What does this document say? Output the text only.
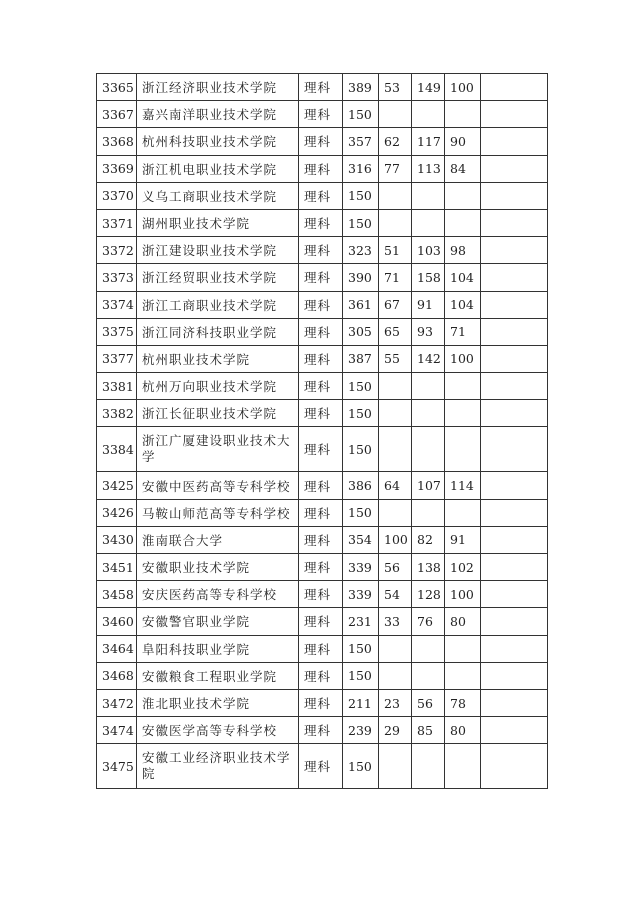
3365	浙江经济职业技术学院	理科	389	53	149	100	
3367	嘉兴南洋职业技术学院	理科	150				
3368	杭州科技职业技术学院	理科	357	62	117	90	
3369	浙江机电职业技术学院	理科	316	77	113	84	
3370	义乌工商职业技术学院	理科	150				
3371	湖州职业技术学院	理科	150				
3372	浙江建设职业技术学院	理科	323	51	103	98	
3373	浙江经贸职业技术学院	理科	390	71	158	104	
3374	浙江工商职业技术学院	理科	361	67	91	104	
3375	浙江同济科技职业学院	理科	305	65	93	71	
3377	杭州职业技术学院	理科	387	55	142	100	
3381	杭州万向职业技术学院	理科	150				
3382	浙江长征职业技术学院	理科	150				
3384	浙江广厦建设职业技术大学	理科	150				
3425	安徽中医药高等专科学校	理科	386	64	107	114	
3426	马鞍山师范高等专科学校	理科	150				
3430	淮南联合大学	理科	354	100	82	91	
3451	安徽职业技术学院	理科	339	56	138	102	
3458	安庆医药高等专科学校	理科	339	54	128	100	
3460	安徽警官职业学院	理科	231	33	76	80	
3464	阜阳科技职业学院	理科	150				
3468	安徽粮食工程职业学院	理科	150				
3472	淮北职业技术学院	理科	211	23	56	78	
3474	安徽医学高等专科学校	理科	239	29	85	80	
3475	安徽工业经济职业技术学院	理科	150				
